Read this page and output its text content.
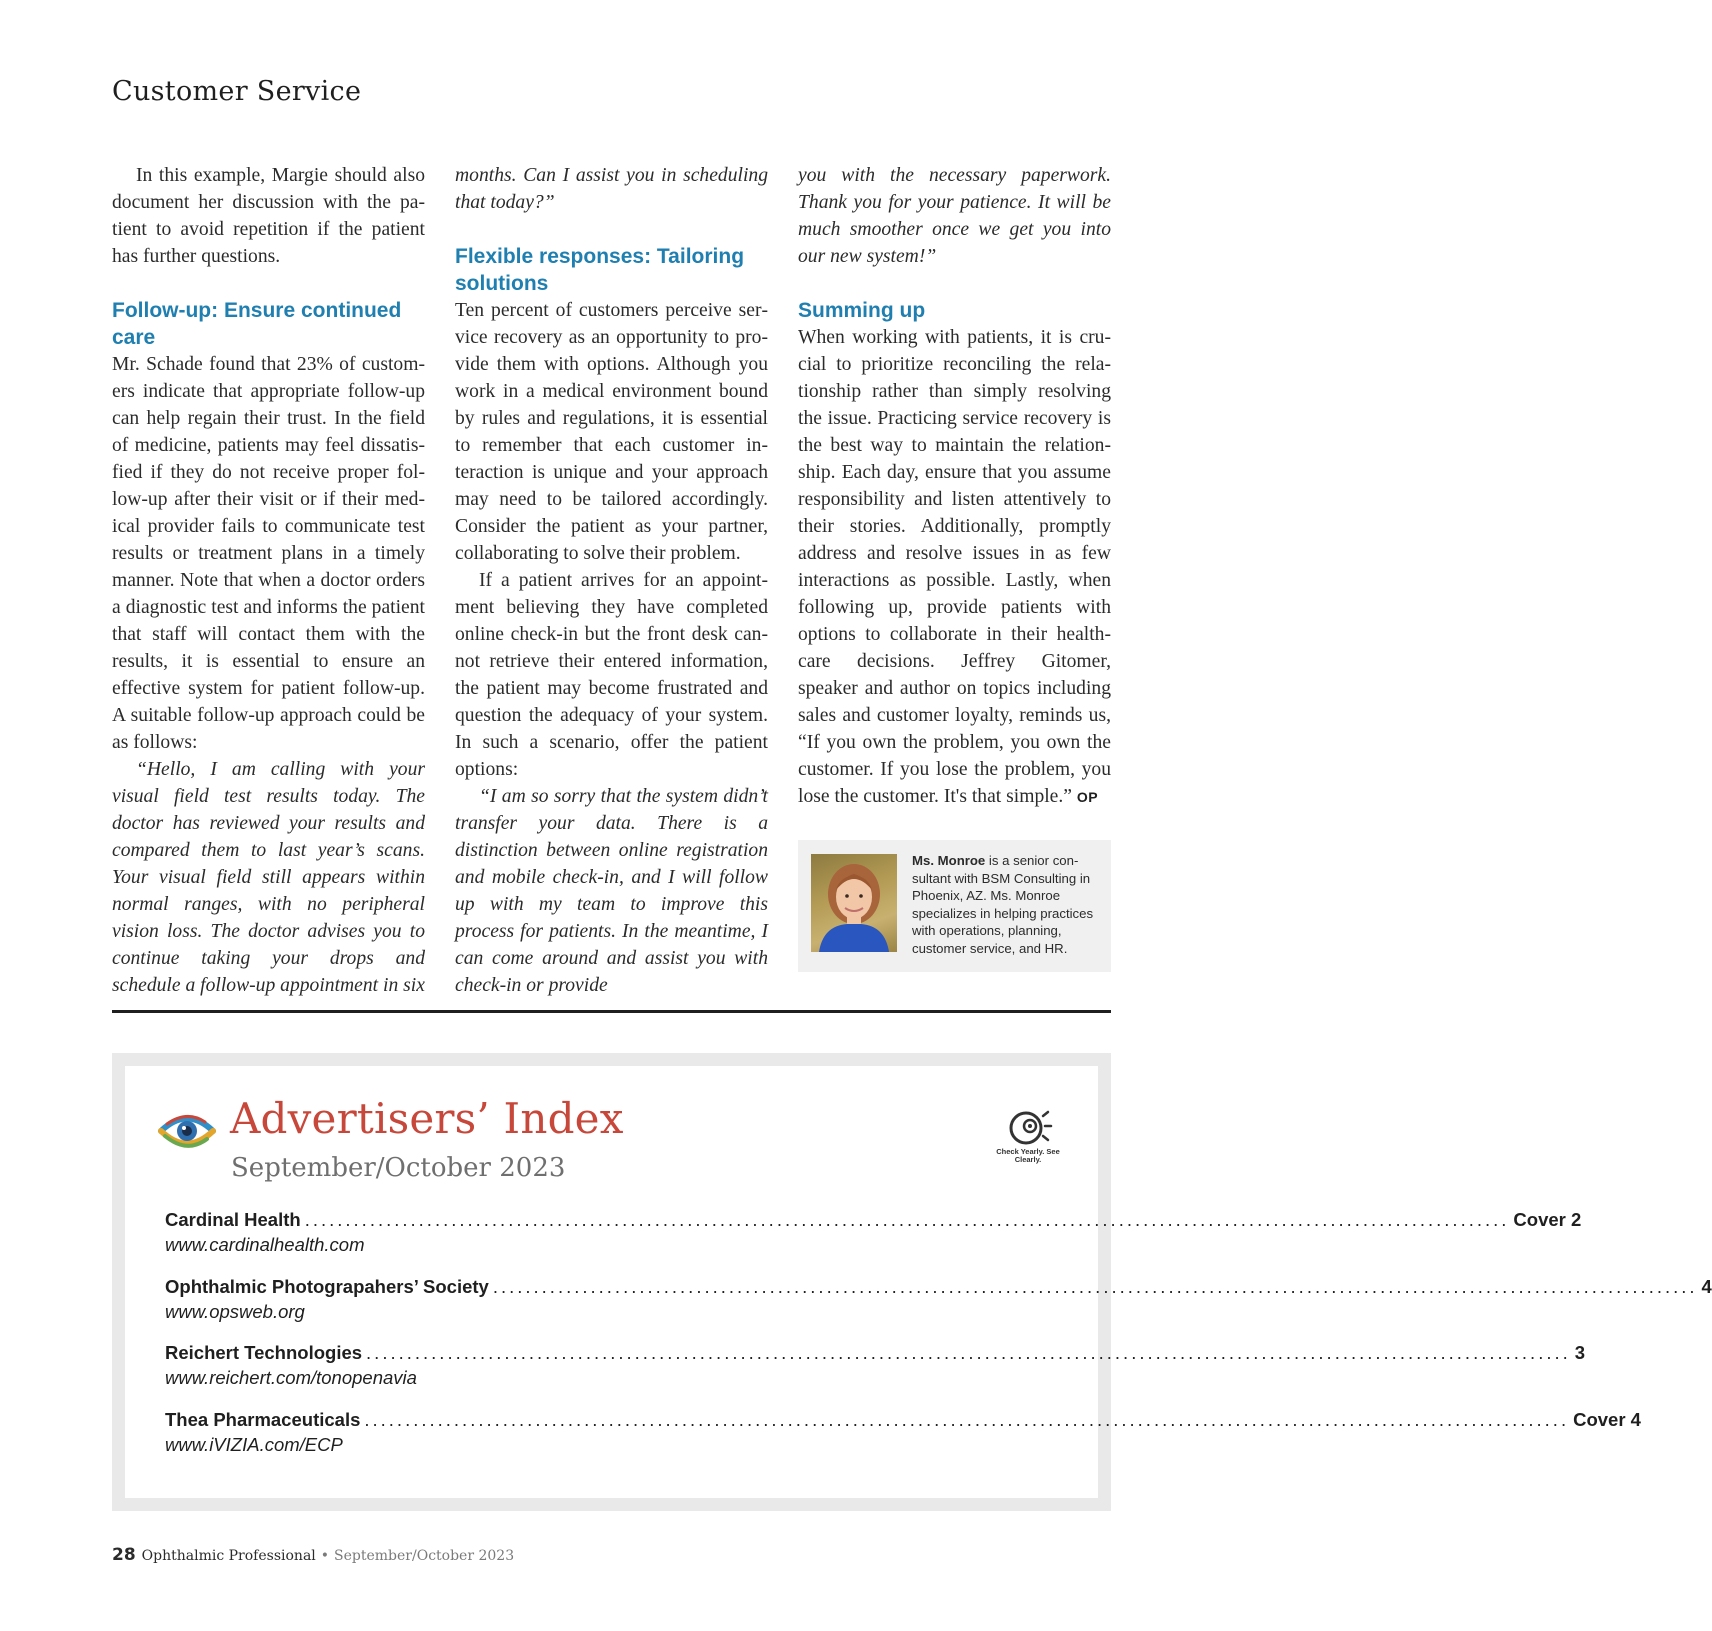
Customer Service

In this example, Margie should also document her discussion with the patient to avoid repetition if the patient has further questions.

Follow-up: Ensure continued care

Mr. Schade found that 23% of customers indicate that appropriate follow-up can help regain their trust. In the field of medicine, patients may feel dissatisfied if they do not receive proper follow-up after their visit or if their medical provider fails to communicate test results or treatment plans in a timely manner. Note that when a doctor orders a diagnostic test and informs the patient that staff will contact them with the results, it is essential to ensure an effective system for patient follow-up. A suitable follow-up approach could be as follows:

“Hello, I am calling with your visual field test results today. The doctor has reviewed your results and compared them to last year’s scans. Your visual field still appears within normal ranges, with no peripheral vision loss. The doctor advises you to continue taking your drops and schedule a follow-up appointment in six

months. Can I assist you in scheduling that today?”

Flexible responses: Tailoring solutions

Ten percent of customers perceive service recovery as an opportunity to provide them with options. Although you work in a medical environment bound by rules and regulations, it is essential to remember that each customer interaction is unique and your approach may need to be tailored accordingly. Consider the patient as your partner, collaborating to solve their problem.

If a patient arrives for an appointment believing they have completed online check-in but the front desk cannot retrieve their entered information, the patient may become frustrated and question the adequacy of your system. In such a scenario, offer the patient options:

“I am so sorry that the system didn’t transfer your data. There is a distinction between online registration and mobile check-in, and I will follow up with my team to improve this process for patients. In the meantime, I can come around and assist you with check-in or provide

you with the necessary paperwork. Thank you for your patience. It will be much smoother once we get you into our new system!”

Summing up

When working with patients, it is crucial to prioritize reconciling the relationship rather than simply resolving the issue. Practicing service recovery is the best way to maintain the relationship. Each day, ensure that you assume responsibility and listen attentively to their stories. Additionally, promptly address and resolve issues in as few interactions as possible. Lastly, when following up, provide patients with options to collaborate in their healthcare decisions. Jeffrey Gitomer, speaker and author on topics including sales and customer loyalty, reminds us, “If you own the problem, you own the customer. If you lose the problem, you lose the customer. It's that simple.” OP

Ms. Monroe is a senior consultant with BSM Consulting in Phoenix, AZ. Ms. Monroe specializes in helping practices with operations, planning, customer service, and HR.
Advertisers’ Index
September/October 2023
Check Yearly. See Clearly.
Cardinal Health .................................................................................................................................................... Cover 2
www.cardinalhealth.com
Ophthalmic Photograpahers’ Society .................................................................................................................................................... 4
www.opsweb.org
Reichert Technologies .................................................................................................................................................... 3
www.reichert.com/tonopenavia
Thea Pharmaceuticals .................................................................................................................................................... Cover 4
www.iVIZIA.com/ECP
28 Ophthalmic Professional • September/October 2023
